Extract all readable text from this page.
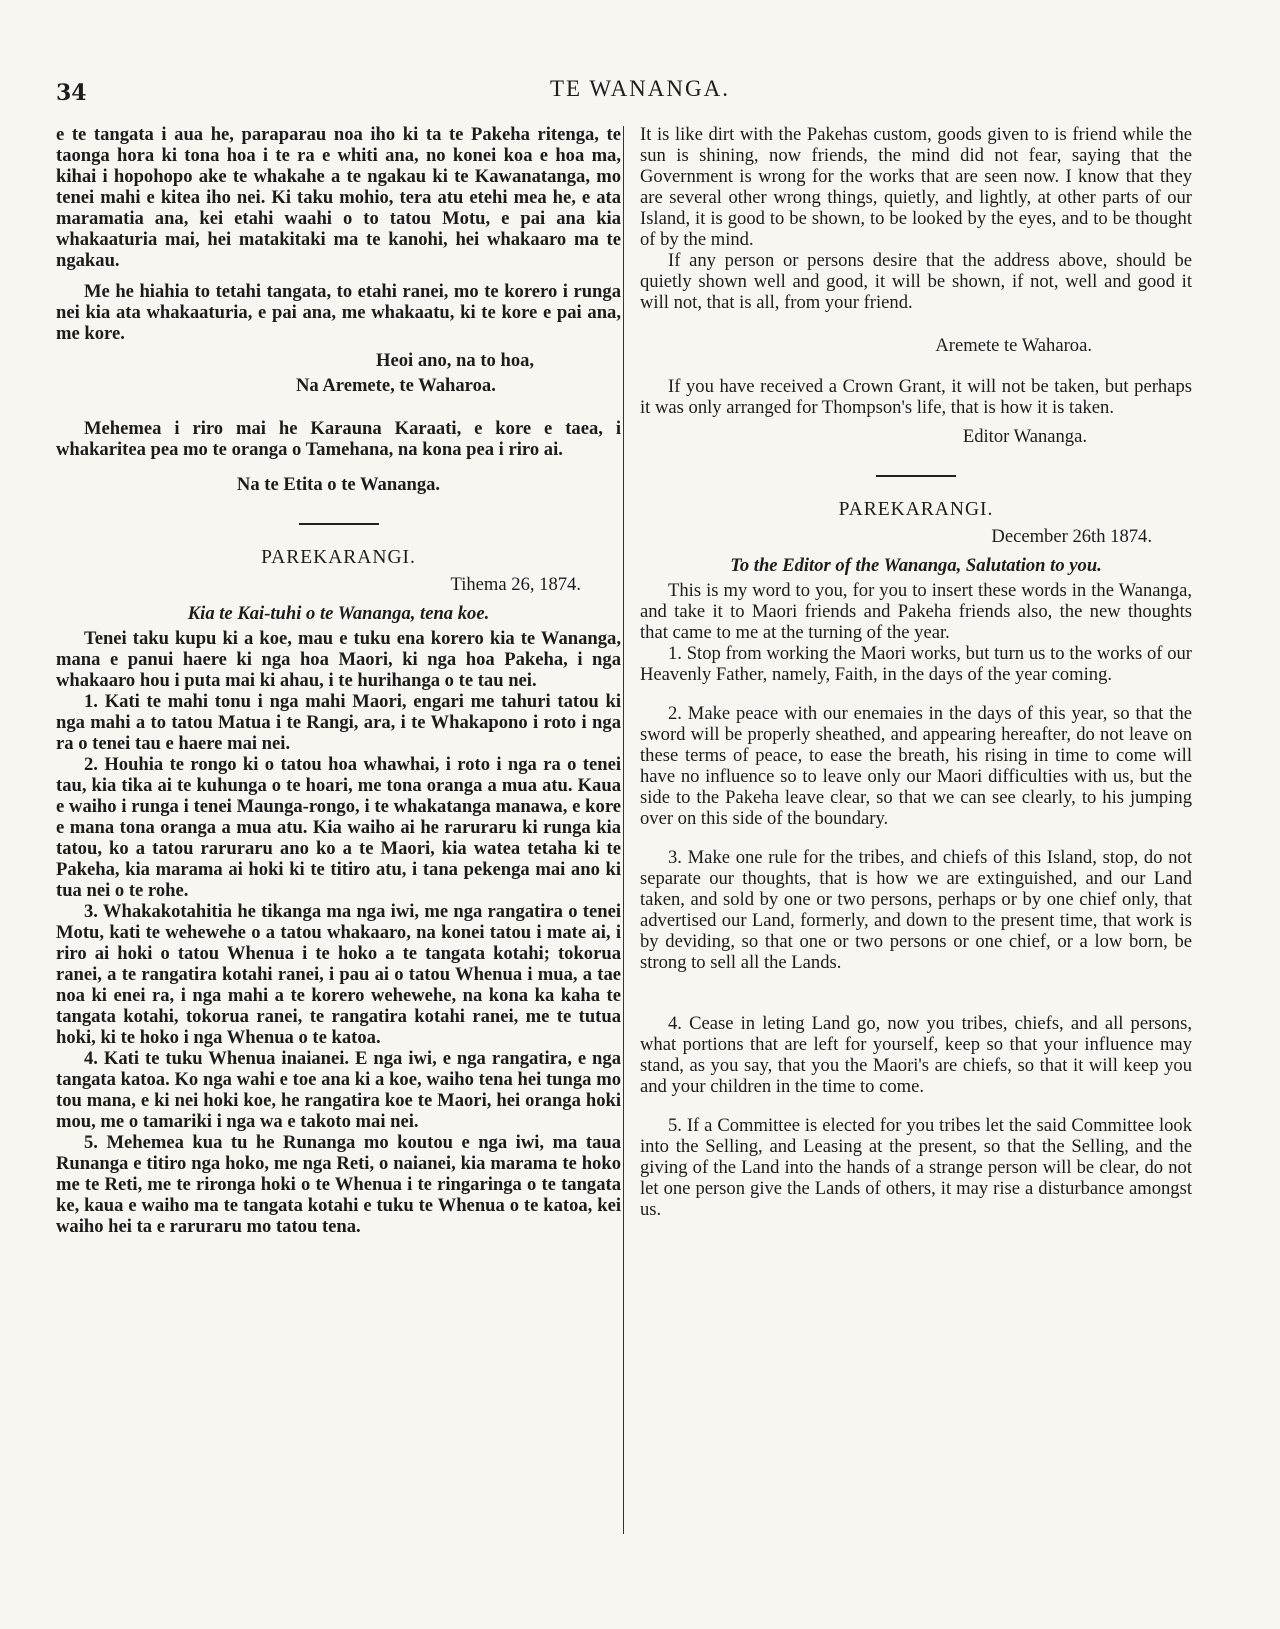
34	TE WANANGA.

e te tangata i aua he, paraparau noa iho ki ta te Pakeha ritenga, te taonga hora ki tona hoa i te ra e whiti ana, no konei koa e hoa ma, kihai i hopohopo ake te whakahe a te ngakau ki te Kawanatanga, mo tenei mahi e kitea iho nei. Ki taku mohio, tera atu etehi mea he, e ata maramatia ana, kei etahi waahi o to tatou Motu, e pai ana kia whakaaturia mai, hei matakitaki ma te kanohi, hei whakaaro ma te ngakau.

Me he hiahia to tetahi tangata, to etahi ranei, mo te korero i runga nei kia ata whakaaturia, e pai ana, me whakaatu, ki te kore e pai ana, me kore.

Heoi ano, na to hoa,

Na Aremete, te Waharoa.

Mehemea i riro mai he Karauna Karaati, e kore e taea, i whakaritea pea mo te oranga o Tamehana, na kona pea i riro ai.

Na te Etita o te Wananga.

PAREKARANGI.

Tihema 26, 1874.

Kia te Kai-tuhi o te Wananga, tena koe.

Tenei taku kupu ki a koe, mau e tuku ena korero kia te Wananga, mana e panui haere ki nga hoa Maori, ki nga hoa Pakeha, i nga whakaaro hou i puta mai ki ahau, i te hurihanga o te tau nei.

1. Kati te mahi tonu i nga mahi Maori, engari me tahuri tatou ki nga mahi a to tatou Matua i te Rangi, ara, i te Whakapono i roto i nga ra o tenei tau e haere mai nei.

2. Houhia te rongo ki o tatou hoa whawhai, i roto i nga ra o tenei tau, kia tika ai te kuhunga o te hoari, me tona oranga a mua atu. Kaua e waiho i runga i tenei Maunga-rongo, i te whakatanga manawa, e kore e mana tona oranga a mua atu. Kia waiho ai he raruraru ki runga kia tatou, ko a tatou raruraru ano ko a te Maori, kia watea tetaha ki te Pakeha, kia marama ai hoki ki te titiro atu, i tana pekenga mai ano ki tua nei o te rohe.

3. Whakakotahitia he tikanga ma nga iwi, me nga rangatira o tenei Motu, kati te wehewehe o a tatou whakaaro, na konei tatou i mate ai, i riro ai hoki o tatou Whenua i te hoko a te tangata kotahi; tokorua ranei, a te rangatira kotahi ranei, i pau ai o tatou Whenua i mua, a tae noa ki enei ra, i nga mahi a te korero wehewehe, na kona ka kaha te tangata kotahi, tokorua ranei, te rangatira kotahi ranei, me te tutua hoki, ki te hoko i nga Whenua o te katoa.

4. Kati te tuku Whenua inaianei. E nga iwi, e nga rangatira, e nga tangata katoa. Ko nga wahi e toe ana ki a koe, waiho tena hei tunga mo tou mana, e ki nei hoki koe, he rangatira koe te Maori, hei oranga hoki mou, me o tamariki i nga wa e takoto mai nei.

5. Mehemea kua tu he Runanga mo koutou e nga iwi, ma taua Runanga e titiro nga hoko, me nga Reti, o naianei, kia marama te hoko me te Reti, me te rironga hoki o te Whenua i te ringaringa o te tangata ke, kaua e waiho ma te tangata kotahi e tuku te Whenua o te katoa, kei waiho hei ta e raruraru mo tatou tena.

It is like dirt with the Pakehas custom, goods given to is friend while the sun is shining, now friends, the mind did not fear, saying that the Government is wrong for the works that are seen now. I know that they are several other wrong things, quietly, and lightly, at other parts of our Island, it is good to be shown, to be looked by the eyes, and to be thought of by the mind.

If any person or persons desire that the address above, should be quietly shown well and good, it will be shown, if not, well and good it will not, that is all, from your friend.

Aremete te Waharoa.

If you have received a Crown Grant, it will not be taken, but perhaps it was only arranged for Thompson's life, that is how it is taken.

Editor Wananga.

PAREKARANGI.

December 26th 1874.

To the Editor of the Wananga, Salutation to you.

This is my word to you, for you to insert these words in the Wananga, and take it to Maori friends and Pakeha friends also, the new thoughts that came to me at the turning of the year.

1. Stop from working the Maori works, but turn us to the works of our Heavenly Father, namely, Faith, in the days of the year coming.

2. Make peace with our enemaies in the days of this year, so that the sword will be properly sheathed, and appearing hereafter, do not leave on these terms of peace, to ease the breath, his rising in time to come will have no influence so to leave only our Maori difficulties with us, but the side to the Pakeha leave clear, so that we can see clearly, to his jumping over on this side of the boundary.

3. Make one rule for the tribes, and chiefs of this Island, stop, do not separate our thoughts, that is how we are extinguished, and our Land taken, and sold by one or two persons, perhaps or by one chief only, that advertised our Land, formerly, and down to the present time, that work is by deviding, so that one or two persons or one chief, or a low born, be strong to sell all the Lands.

4. Cease in leting Land go, now you tribes, chiefs, and all persons, what portions that are left for yourself, keep so that your influence may stand, as you say, that you the Maori's are chiefs, so that it will keep you and your children in the time to come.

5. If a Committee is elected for you tribes let the said Committee look into the Selling, and Leasing at the present, so that the Selling, and the giving of the Land into the hands of a strange person will be clear, do not let one person give the Lands of others, it may rise a disturbance amongst us.
